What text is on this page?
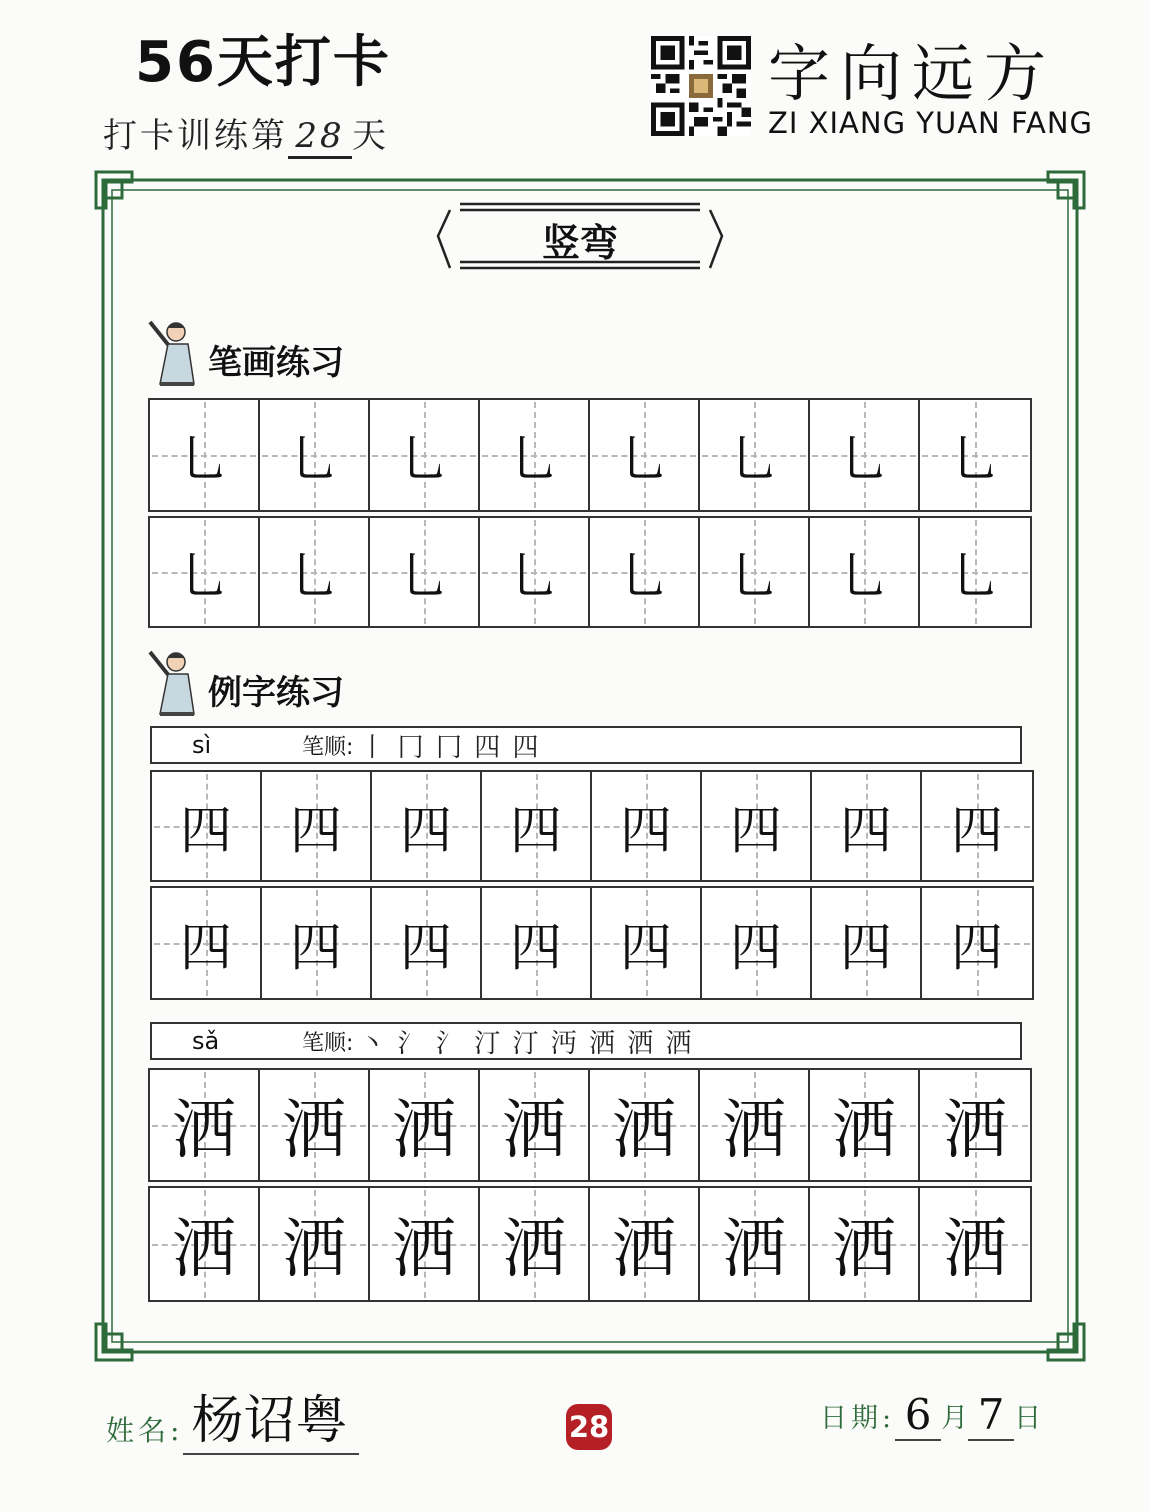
56天打卡
打卡训练第 28 天
字向远方
ZI XIANG YUAN FANG
竖弯
笔画练习
乚	乚	乚	乚	乚	乚	乚	乚
乚	乚	乚	乚	乚	乚	乚	乚
例字练习
sì	笔顺: 丨 冂 冂 四 四
四	四	四	四	四	四	四	四
四	四	四	四	四	四	四	四
sǎ	笔顺: 丶 氵 氵 汀 汀 沔 洒 洒 洒
洒 洒 洒 洒 洒 洒 洒 洒
洒 洒 洒 洒 洒 洒 洒 洒
姓名: 杨诏粤	28	日期: 6 月 7 日
